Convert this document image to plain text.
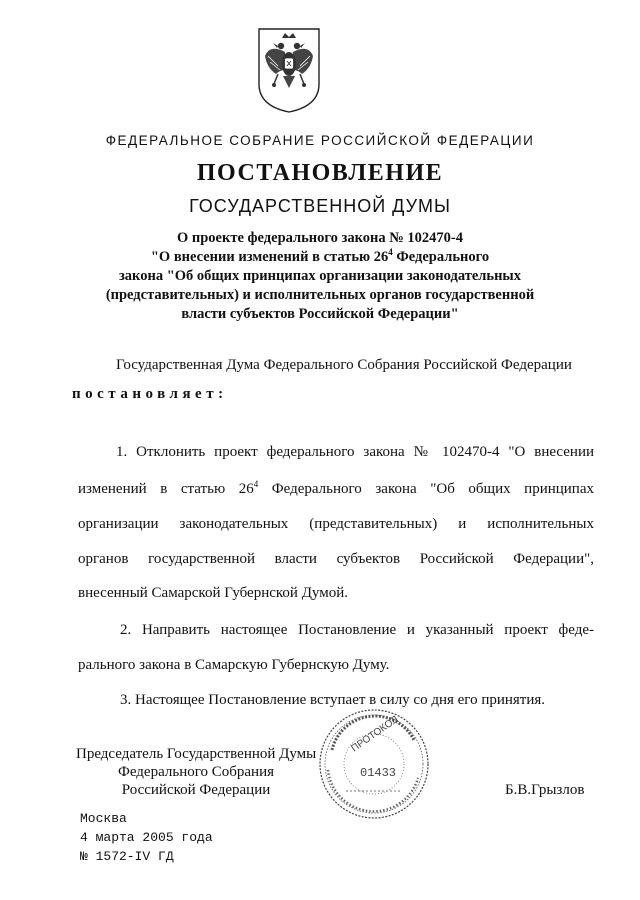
ФЕДЕРАЛЬНОЕ СОБРАНИЕ РОССИЙСКОЙ ФЕДЕРАЦИИ
ПОСТАНОВЛЕНИЕ
ГОСУДАРСТВЕННОЙ ДУМЫ
О проекте федерального закона № 102470-4
"О внесении изменений в статью $26^4$ Федерального
закона "Об общих принципах организации законодательных
(представительных) и исполнительных органов государственной
власти субъектов Российской Федерации"
Государственная Дума Федерального Собрания Российской Федерации
постановляет:
1. Отклонить проект федерального закона № 102470-4 "О внесении
изменений в статью $26^4$ Федерального закона "Об общих принципах
организации законодательных (представительных) и исполнительных
органов государственной власти субъектов Российской Федерации",
внесенный Самарской Губернской Думой.
2. Направить настоящее Постановление и указанный проект феде-
рального закона в Самарскую Губернскую Думу.
3. Настоящее Постановление вступает в силу со дня его принятия.
Председатель Государственной Думы
Федерального Собрания
Российской Федерации	Б.В.Грызлов
ПРОТОКОЛ
01433
Москва
4 марта 2005 года
№ 1572-IV ГД
